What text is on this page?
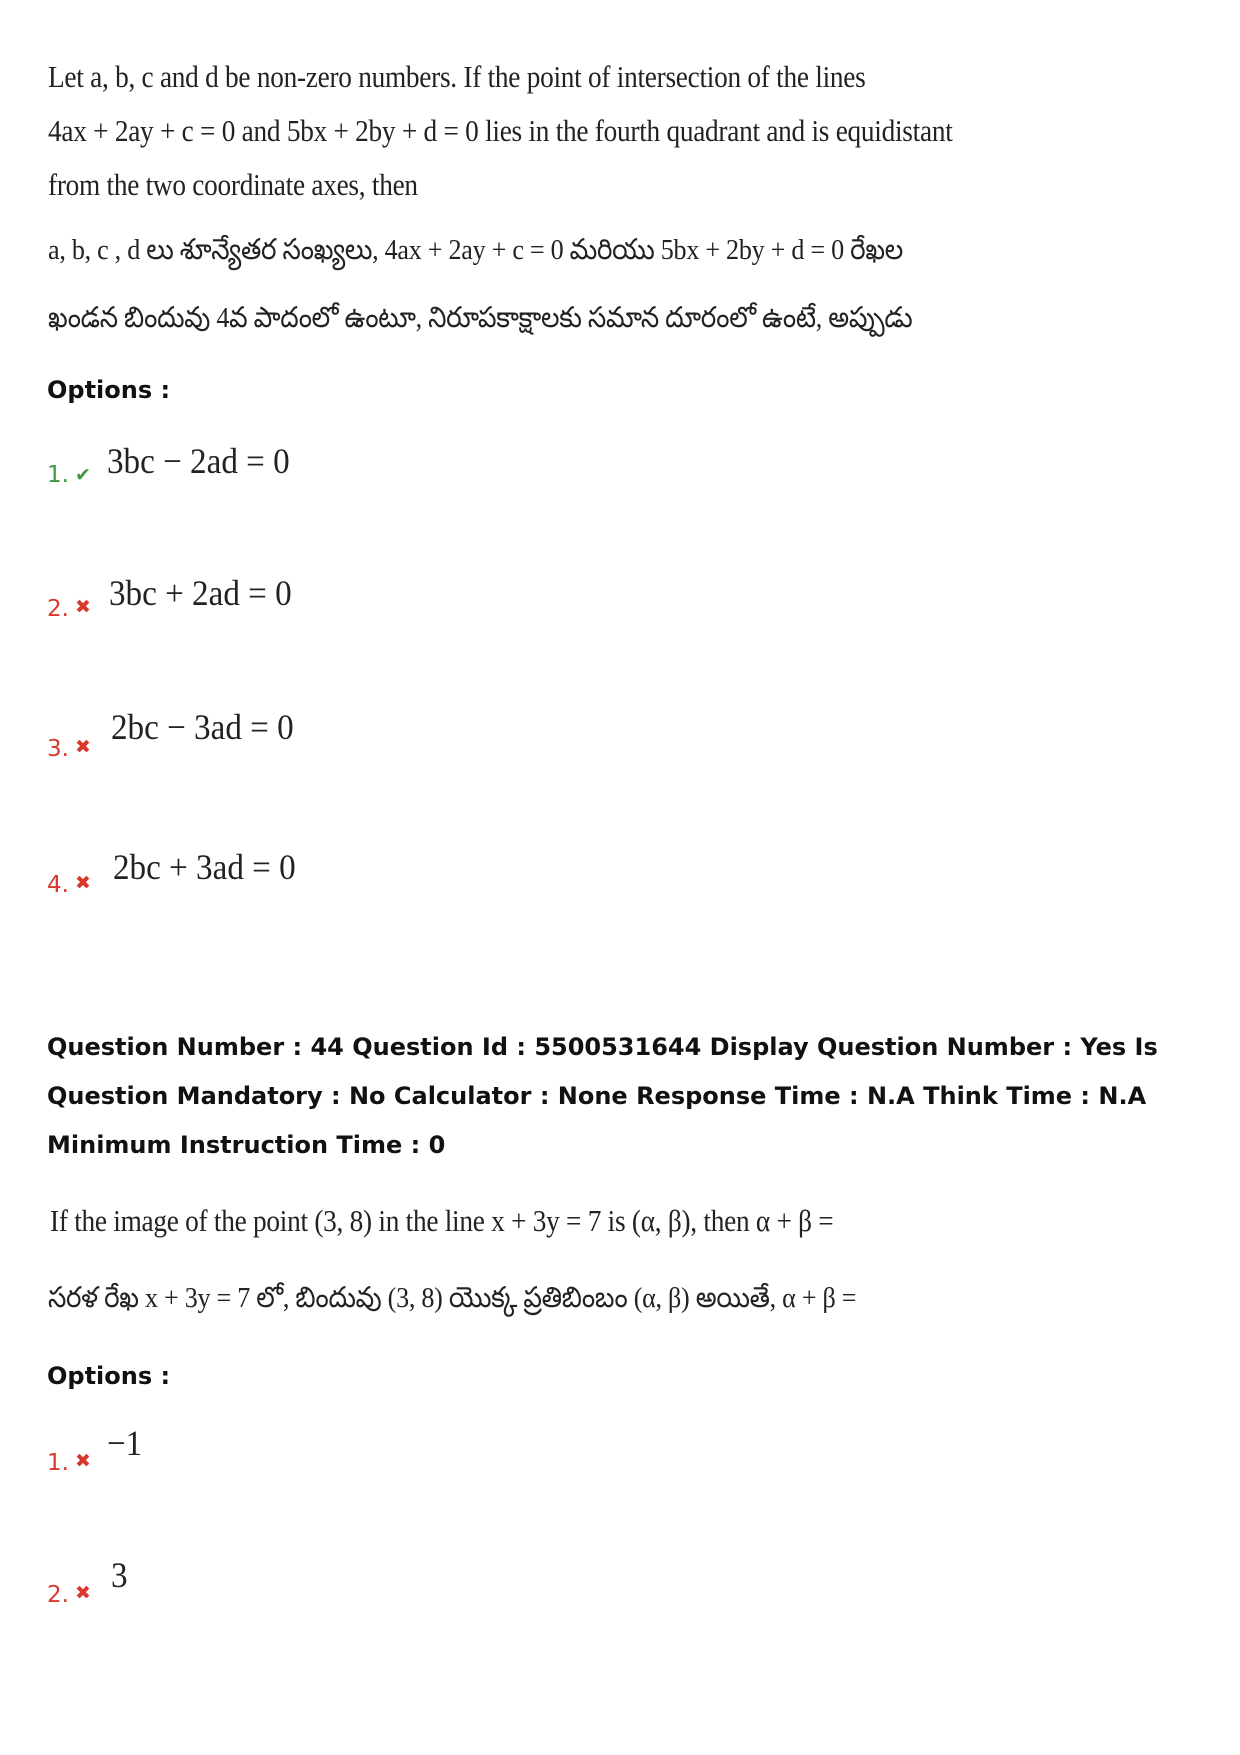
Let a, b, c and d be non-zero numbers. If the point of intersection of the lines
4ax + 2ay + c = 0 and 5bx + 2by + d = 0 lies in the fourth quadrant and is equidistant
from the two coordinate axes, then
a, b, c , d లు శూన్యేతర సంఖ్యలు, 4ax + 2ay + c = 0 మరియు 5bx + 2by + d = 0 రేఖల
ఖండన బిందువు 4వ పాదంలో ఉంటూ, నిరూపకాక్షాలకు సమాన దూరంలో ఉంటే, అప్పుడు
Options :
1. ✔ 3bc − 2ad = 0
2. ✖ 3bc + 2ad = 0
3. ✖ 2bc − 3ad = 0
4. ✖ 2bc + 3ad = 0
Question Number : 44 Question Id : 5500531644 Display Question Number : Yes Is Question Mandatory : No Calculator : None Response Time : N.A Think Time : N.A Minimum Instruction Time : 0
If the image of the point (3, 8) in the line x + 3y = 7 is (α, β), then α + β =
సరళ రేఖ x + 3y = 7 లో, బిందువు (3, 8) యొక్క ప్రతిబింబం (α, β) అయితే, α + β =
Options :
1. ✖ −1
2. ✖ 3
